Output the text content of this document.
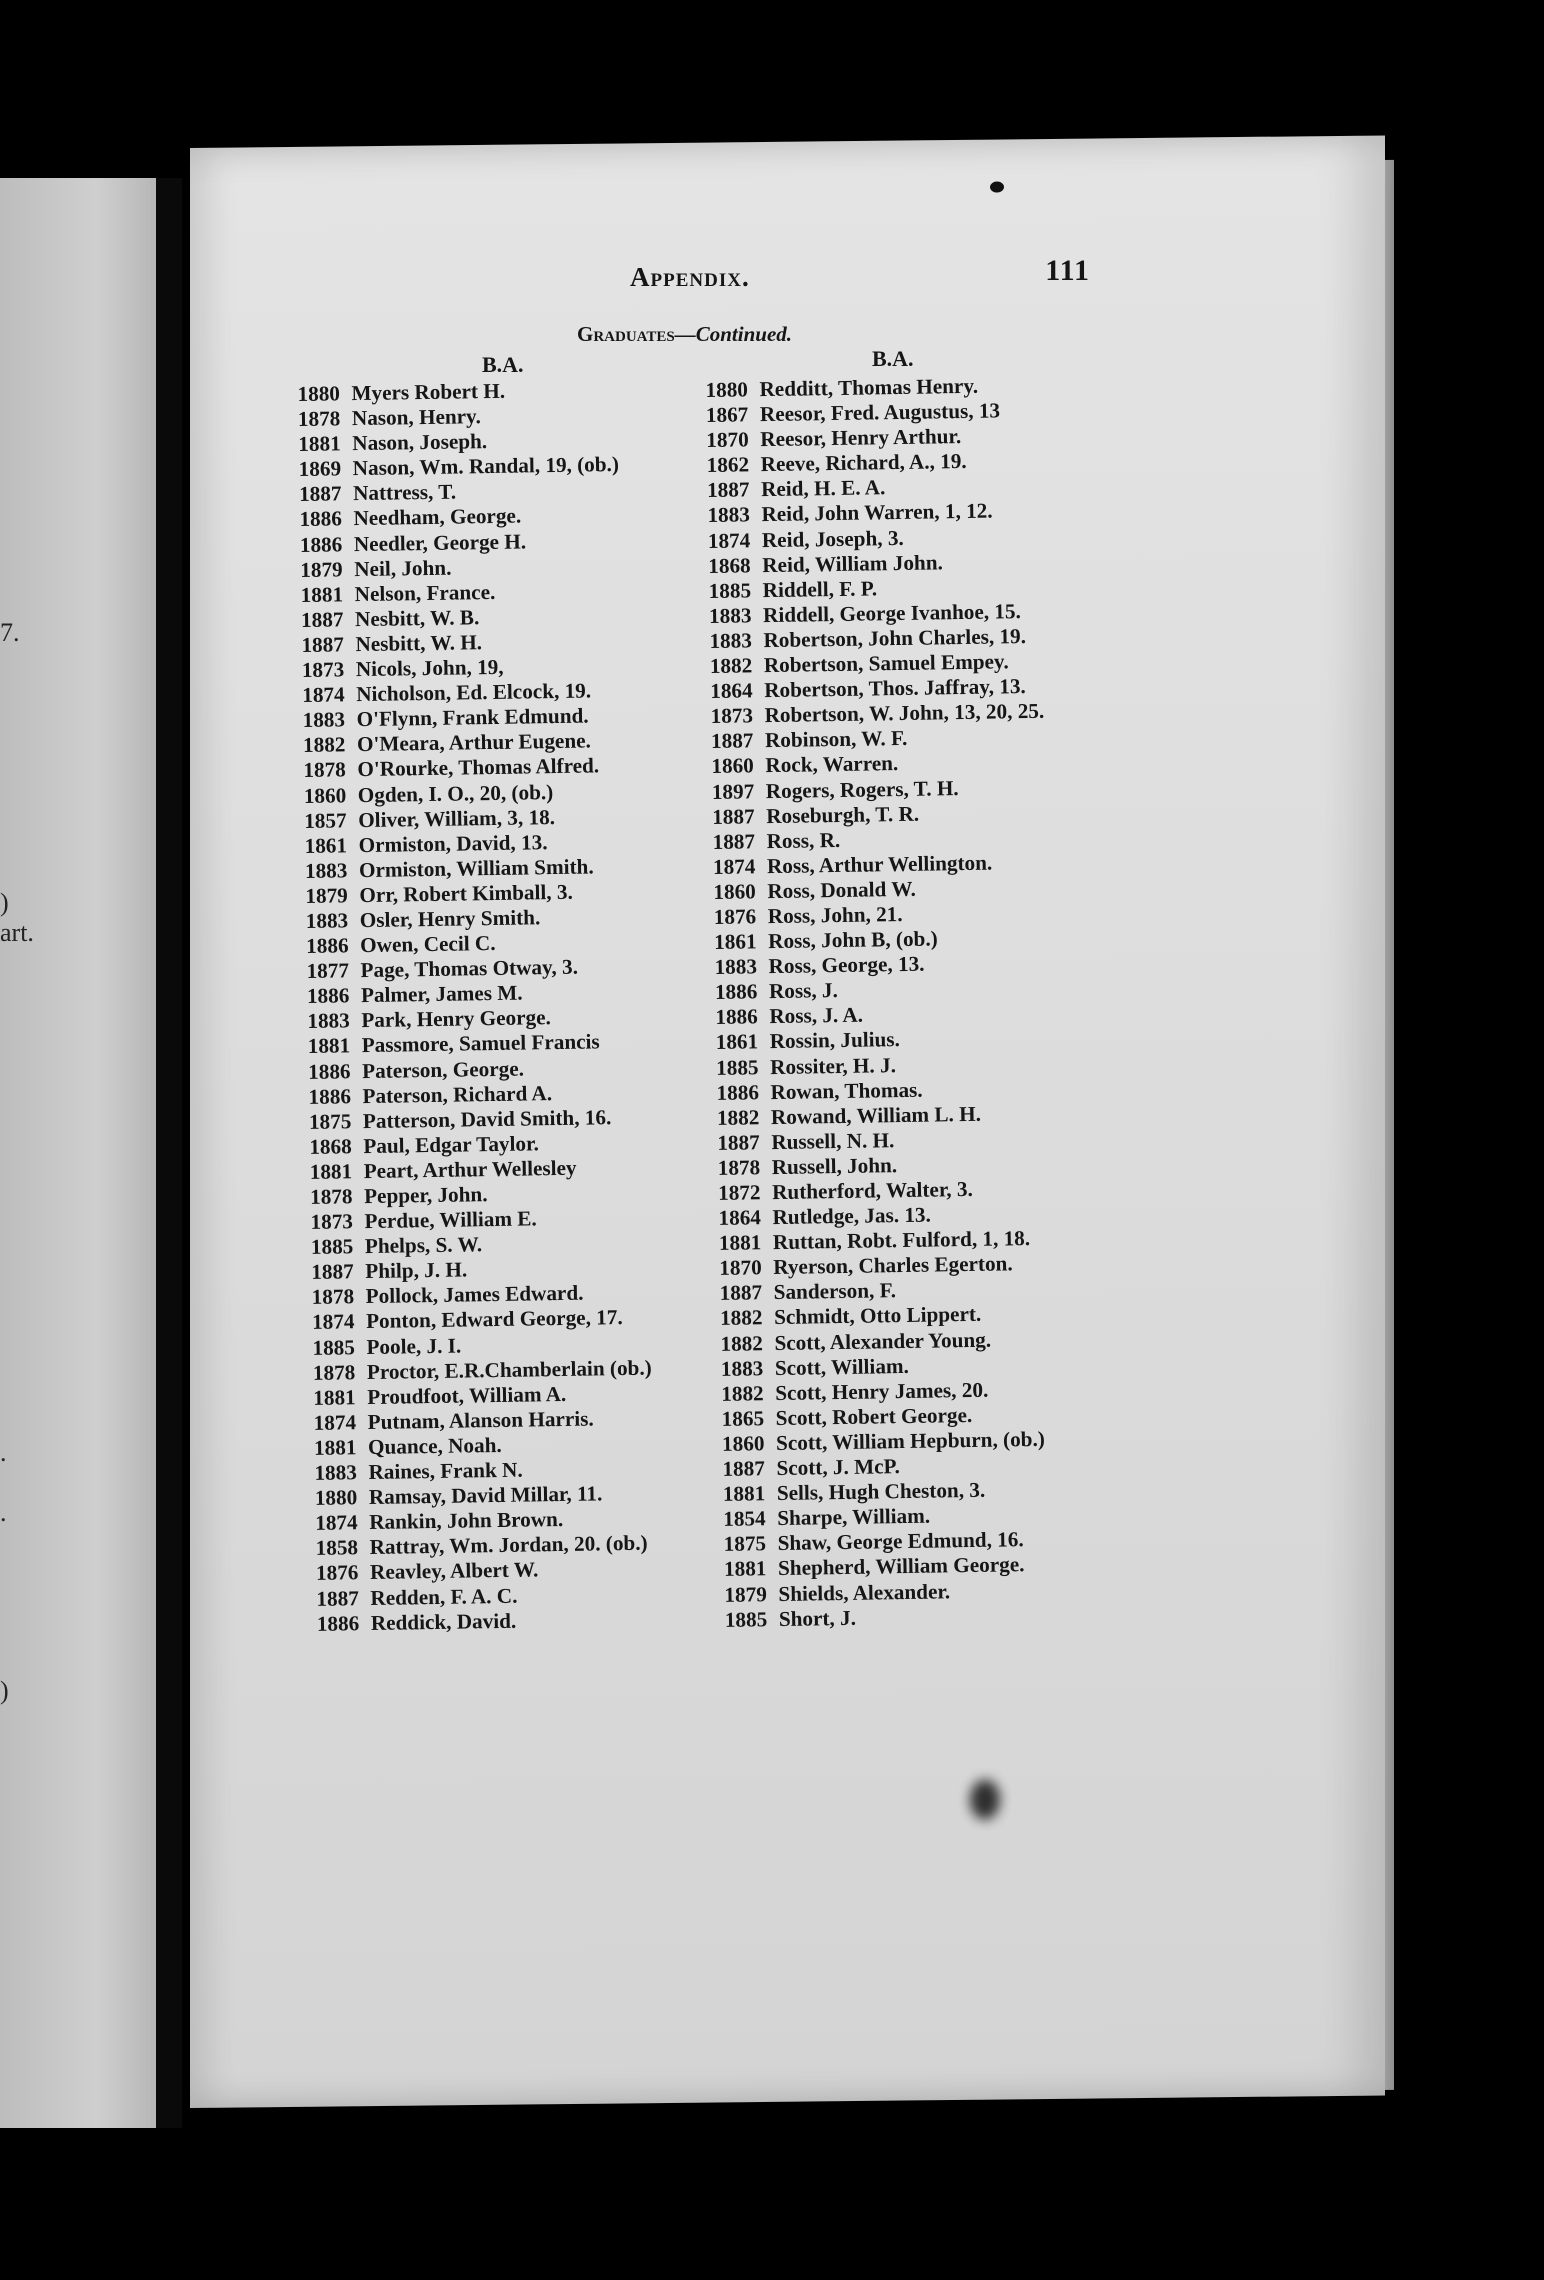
7.
)
art.
.
.
)
Appendix.	111
Graduates—Continued.
B.A.	B.A.
1880 Myers Robert H.
1878 Nason, Henry.
1881 Nason, Joseph.
1869 Nason, Wm. Randal, 19, (ob.)
1887 Nattress, T.
1886 Needham, George.
1886 Needler, George H.
1879 Neil, John.
1881 Nelson, France.
1887 Nesbitt, W. B.
1887 Nesbitt, W. H.
1873 Nicols, John, 19,
1874 Nicholson, Ed. Elcock, 19.
1883 O'Flynn, Frank Edmund.
1882 O'Meara, Arthur Eugene.
1878 O'Rourke, Thomas Alfred.
1860 Ogden, I. O., 20, (ob.)
1857 Oliver, William, 3, 18.
1861 Ormiston, David, 13.
1883 Ormiston, William Smith.
1879 Orr, Robert Kimball, 3.
1883 Osler, Henry Smith.
1886 Owen, Cecil C.
1877 Page, Thomas Otway, 3.
1886 Palmer, James M.
1883 Park, Henry George.
1881 Passmore, Samuel Francis
1886 Paterson, George.
1886 Paterson, Richard A.
1875 Patterson, David Smith, 16.
1868 Paul, Edgar Taylor.
1881 Peart, Arthur Wellesley
1878 Pepper, John.
1873 Perdue, William E.
1885 Phelps, S. W.
1887 Philp, J. H.
1878 Pollock, James Edward.
1874 Ponton, Edward George, 17.
1885 Poole, J. I.
1878 Proctor, E.R.Chamberlain (ob.)
1881 Proudfoot, William A.
1874 Putnam, Alanson Harris.
1881 Quance, Noah.
1883 Raines, Frank N.
1880 Ramsay, David Millar, 11.
1874 Rankin, John Brown.
1858 Rattray, Wm. Jordan, 20. (ob.)
1876 Reavley, Albert W.
1887 Redden, F. A. C.
1886 Reddick, David.
1880 Redditt, Thomas Henry.
1867 Reesor, Fred. Augustus, 13
1870 Reesor, Henry Arthur.
1862 Reeve, Richard, A., 19.
1887 Reid, H. E. A.
1883 Reid, John Warren, 1, 12.
1874 Reid, Joseph, 3.
1868 Reid, William John.
1885 Riddell, F. P.
1883 Riddell, George Ivanhoe, 15.
1883 Robertson, John Charles, 19.
1882 Robertson, Samuel Empey.
1864 Robertson, Thos. Jaffray, 13.
1873 Robertson, W. John, 13, 20, 25.
1887 Robinson, W. F.
1860 Rock, Warren.
1897 Rogers, Rogers, T. H.
1887 Roseburgh, T. R.
1887 Ross, R.
1874 Ross, Arthur Wellington.
1860 Ross, Donald W.
1876 Ross, John, 21.
1861 Ross, John B, (ob.)
1883 Ross, George, 13.
1886 Ross, J.
1886 Ross, J. A.
1861 Rossin, Julius.
1885 Rossiter, H. J.
1886 Rowan, Thomas.
1882 Rowand, William L. H.
1887 Russell, N. H.
1878 Russell, John.
1872 Rutherford, Walter, 3.
1864 Rutledge, Jas. 13.
1881 Ruttan, Robt. Fulford, 1, 18.
1870 Ryerson, Charles Egerton.
1887 Sanderson, F.
1882 Schmidt, Otto Lippert.
1882 Scott, Alexander Young.
1883 Scott, William.
1882 Scott, Henry James, 20.
1865 Scott, Robert George.
1860 Scott, William Hepburn, (ob.)
1887 Scott, J. McP.
1881 Sells, Hugh Cheston, 3.
1854 Sharpe, William.
1875 Shaw, George Edmund, 16.
1881 Shepherd, William George.
1879 Shields, Alexander.
1885 Short, J.
